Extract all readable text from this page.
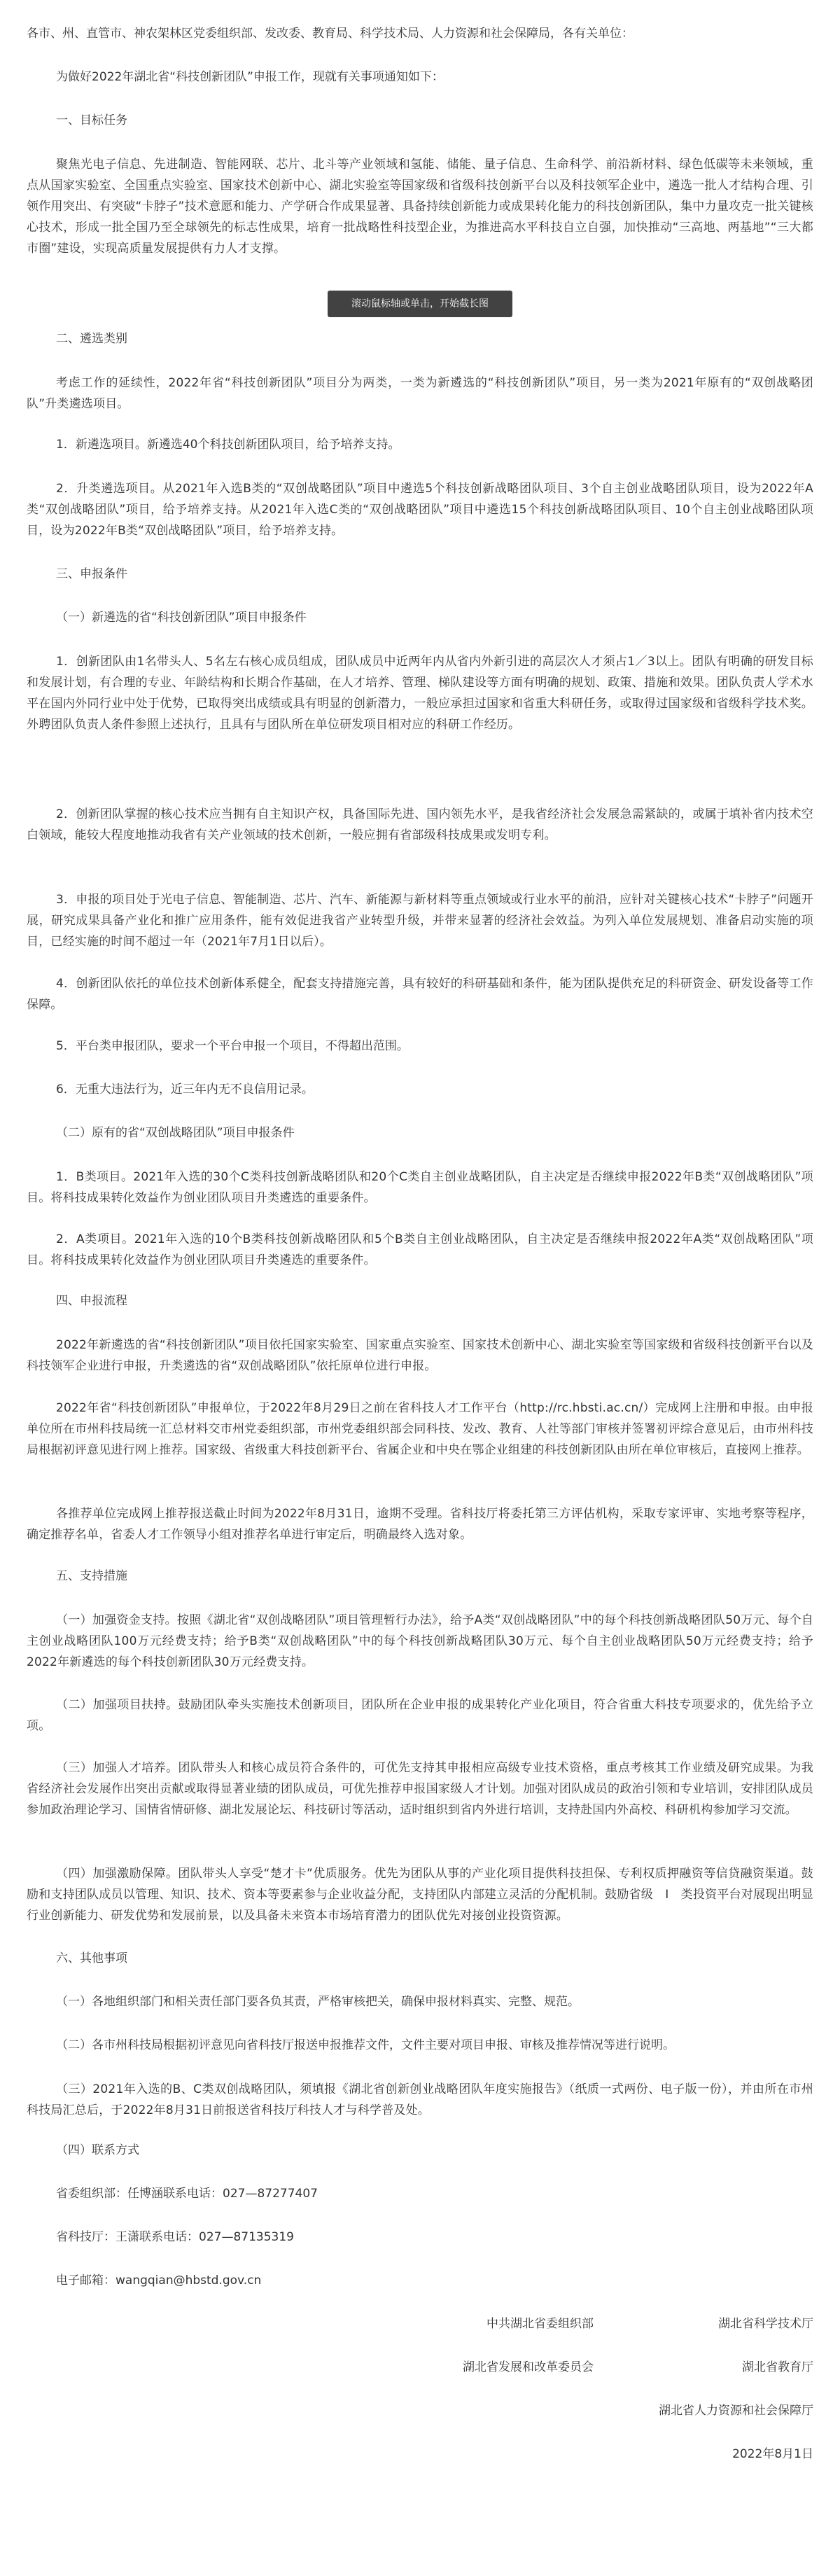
各市、州、直管市、神农架林区党委组织部、发改委、教育局、科学技术局、人力资源和社会保障局，各有关单位：
为做好2022年湖北省“科技创新团队”申报工作，现就有关事项通知如下：
一、目标任务
聚焦光电子信息、先进制造、智能网联、芯片、北斗等产业领域和氢能、储能、量子信息、生命科学、前沿新材料、绿色低碳等未来领域，重点从国家实验室、全国重点实验室、国家技术创新中心、湖北实验室等国家级和省级科技创新平台以及科技领军企业中，遴选一批人才结构合理、引领作用突出、有突破“卡脖子”技术意愿和能力、产学研合作成果显著、具备持续创新能力或成果转化能力的科技创新团队，集中力量攻克一批关键核心技术，形成一批全国乃至全球领先的标志性成果，培育一批战略性科技型企业，为推进高水平科技自立自强，加快推动“三高地、两基地”“三大都市圈”建设，实现高质量发展提供有力人才支撑。
二、遴选类别
考虑工作的延续性，2022年省“科技创新团队”项目分为两类，一类为新遴选的“科技创新团队”项目，另一类为2021年原有的“双创战略团队”升类遴选项目。
1．新遴选项目。新遴选40个科技创新团队项目，给予培养支持。
2．升类遴选项目。从2021年入选B类的“双创战略团队”项目中遴选5个科技创新战略团队项目、3个自主创业战略团队项目，设为2022年A类“双创战略团队”项目，给予培养支持。从2021年入选C类的“双创战略团队”项目中遴选15个科技创新战略团队项目、10个自主创业战略团队项目，设为2022年B类“双创战略团队”项目，给予培养支持。
三、申报条件
（一）新遴选的省“科技创新团队”项目申报条件
1．创新团队由1名带头人、5名左右核心成员组成，团队成员中近两年内从省内外新引进的高层次人才须占1／3以上。团队有明确的研发目标和发展计划，有合理的专业、年龄结构和长期合作基础，在人才培养、管理、梯队建设等方面有明确的规划、政策、措施和效果。团队负责人学术水平在国内外同行业中处于优势，已取得突出成绩或具有明显的创新潜力，一般应承担过国家和省重大科研任务，或取得过国家级和省级科学技术奖。外聘团队负责人条件参照上述执行，且具有与团队所在单位研发项目相对应的科研工作经历。
2．创新团队掌握的核心技术应当拥有自主知识产权，具备国际先进、国内领先水平，是我省经济社会发展急需紧缺的，或属于填补省内技术空白领域，能较大程度地推动我省有关产业领域的技术创新，一般应拥有省部级科技成果或发明专利。
3．申报的项目处于光电子信息、智能制造、芯片、汽车、新能源与新材料等重点领域或行业水平的前沿，应针对关键核心技术“卡脖子”问题开展，研究成果具备产业化和推广应用条件，能有效促进我省产业转型升级，并带来显著的经济社会效益。为列入单位发展规划、准备启动实施的项目，已经实施的时间不超过一年（2021年7月1日以后）。
4．创新团队依托的单位技术创新体系健全，配套支持措施完善，具有较好的科研基础和条件，能为团队提供充足的科研资金、研发设备等工作保障。
5．平台类申报团队，要求一个平台申报一个项目，不得超出范围。
6．无重大违法行为，近三年内无不良信用记录。
（二）原有的省“双创战略团队”项目申报条件
1．B类项目。2021年入选的30个C类科技创新战略团队和20个C类自主创业战略团队，自主决定是否继续申报2022年B类“双创战略团队”项目。将科技成果转化效益作为创业团队项目升类遴选的重要条件。
2．A类项目。2021年入选的10个B类科技创新战略团队和5个B类自主创业战略团队，自主决定是否继续申报2022年A类“双创战略团队”项目。将科技成果转化效益作为创业团队项目升类遴选的重要条件。
四、申报流程
2022年新遴选的省“科技创新团队”项目依托国家实验室、国家重点实验室、国家技术创新中心、湖北实验室等国家级和省级科技创新平台以及科技领军企业进行申报，升类遴选的省“双创战略团队”依托原单位进行申报。
2022年省“科技创新团队”申报单位，于2022年8月29日之前在省科技人才工作平台（http://rc.hbsti.ac.cn/）完成网上注册和申报。由申报单位所在市州科技局统一汇总材料交市州党委组织部，市州党委组织部会同科技、发改、教育、人社等部门审核并签署初评综合意见后，由市州科技局根据初评意见进行网上推荐。国家级、省级重大科技创新平台、省属企业和中央在鄂企业组建的科技创新团队由所在单位审核后，直接网上推荐。
各推荐单位完成网上推荐报送截止时间为2022年8月31日，逾期不受理。省科技厅将委托第三方评估机构，采取专家评审、实地考察等程序，确定推荐名单，省委人才工作领导小组对推荐名单进行审定后，明确最终入选对象。
五、支持措施
（一）加强资金支持。按照《湖北省“双创战略团队”项目管理暂行办法》，给予A类“双创战略团队”中的每个科技创新战略团队50万元、每个自主创业战略团队100万元经费支持；给予B类“双创战略团队”中的每个科技创新战略团队30万元、每个自主创业战略团队50万元经费支持；给予2022年新遴选的每个科技创新团队30万元经费支持。
（二）加强项目扶持。鼓励团队牵头实施技术创新项目，团队所在企业申报的成果转化产业化项目，符合省重大科技专项要求的，优先给予立项。
（三）加强人才培养。团队带头人和核心成员符合条件的，可优先支持其申报相应高级专业技术资格，重点考核其工作业绩及研究成果。为我省经济社会发展作出突出贡献或取得显著业绩的团队成员，可优先推荐申报国家级人才计划。加强对团队成员的政治引领和专业培训，安排团队成员参加政治理论学习、国情省情研修、湖北发展论坛、科技研讨等活动，适时组织到省内外进行培训，支持赴国内外高校、科研机构参加学习交流。
（四）加强激励保障。团队带头人享受“楚才卡”优质服务。优先为团队从事的产业化项目提供科技担保、专利权质押融资等信贷融资渠道。鼓励和支持团队成员以管理、知识、技术、资本等要素参与企业收益分配，支持团队内部建立灵活的分配机制。鼓励省级　Ⅰ　类投资平台对展现出明显行业创新能力、研发优势和发展前景，以及具备未来资本市场培育潜力的团队优先对接创业投资资源。
六、其他事项
（一）各地组织部门和相关责任部门要各负其责，严格审核把关，确保申报材料真实、完整、规范。
（二）各市州科技局根据初评意见向省科技厅报送申报推荐文件，文件主要对项目申报、审核及推荐情况等进行说明。
（三）2021年入选的B、C类双创战略团队，须填报《湖北省创新创业战略团队年度实施报告》（纸质一式两份、电子版一份），并由所在市州科技局汇总后，于2022年8月31日前报送省科技厅科技人才与科学普及处。
（四）联系方式
省委组织部：任博涵联系电话：027—87277407
省科技厅：王潇联系电话：027—87135319
电子邮箱：wangqian@hbstd.gov.cn
中共湖北省委组织部	湖北省科学技术厅
湖北省发展和改革委员会	湖北省教育厅
湖北省人力资源和社会保障厅
2022年8月1日
滚动鼠标轴或单击，开始截长图
